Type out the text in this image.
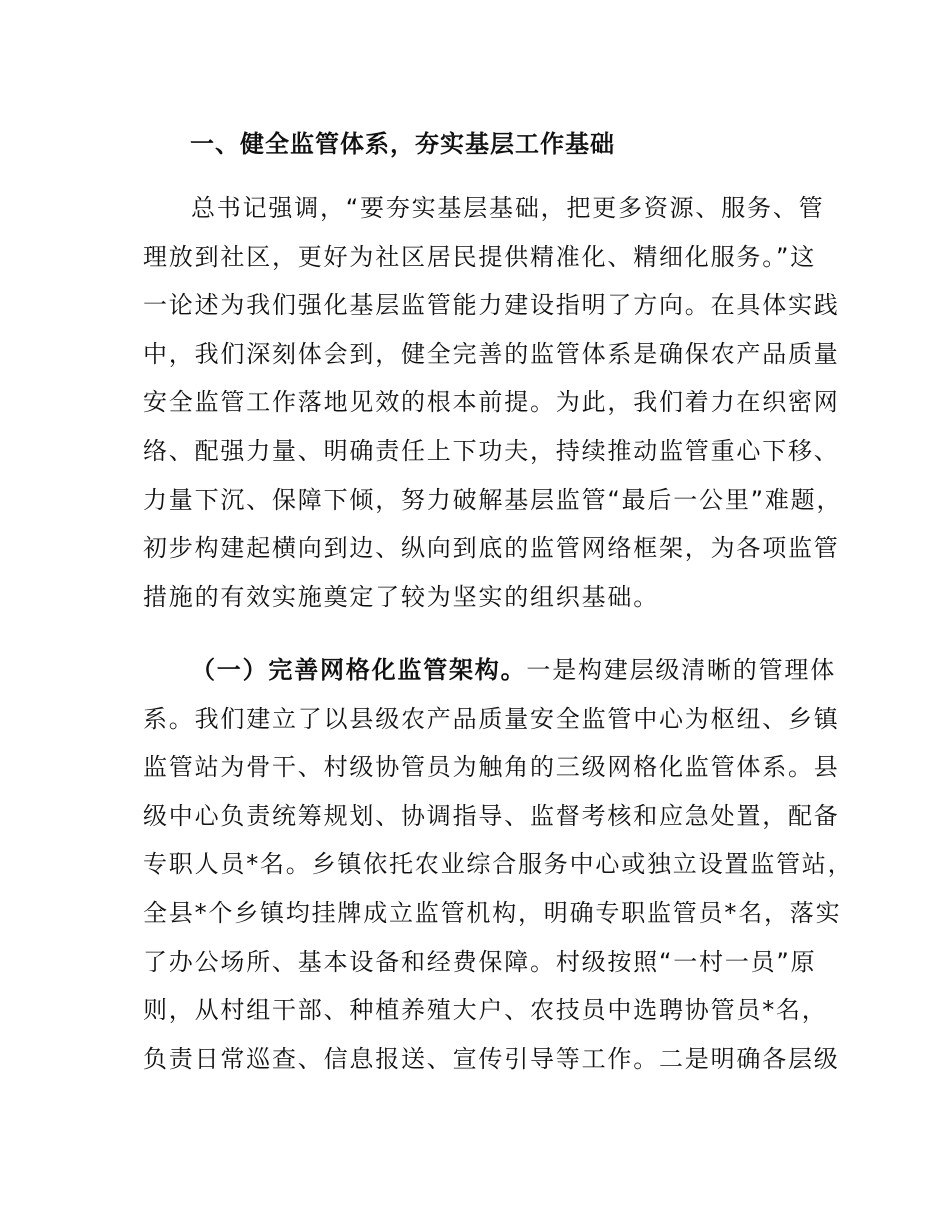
一、健全监管体系，夯实基层工作基础
总书记强调，“要夯实基层基础，把更多资源、服务、管
理放到社区，更好为社区居民提供精准化、精细化服务。”这
一论述为我们强化基层监管能力建设指明了方向。在具体实践
中，我们深刻体会到，健全完善的监管体系是确保农产品质量
安全监管工作落地见效的根本前提。为此，我们着力在织密网
络、配强力量、明确责任上下功夫，持续推动监管重心下移、
力量下沉、保障下倾，努力破解基层监管“最后一公里”难题，
初步构建起横向到边、纵向到底的监管网络框架，为各项监管
措施的有效实施奠定了较为坚实的组织基础。
（一）完善网格化监管架构。一是构建层级清晰的管理体
系。我们建立了以县级农产品质量安全监管中心为枢纽、乡镇
监管站为骨干、村级协管员为触角的三级网格化监管体系。县
级中心负责统筹规划、协调指导、监督考核和应急处置，配备
专职人员*名。乡镇依托农业综合服务中心或独立设置监管站，
全县*个乡镇均挂牌成立监管机构，明确专职监管员*名，落实
了办公场所、基本设备和经费保障。村级按照“一村一员”原
则，从村组干部、种植养殖大户、农技员中选聘协管员*名，
负责日常巡查、信息报送、宣传引导等工作。二是明确各层级
